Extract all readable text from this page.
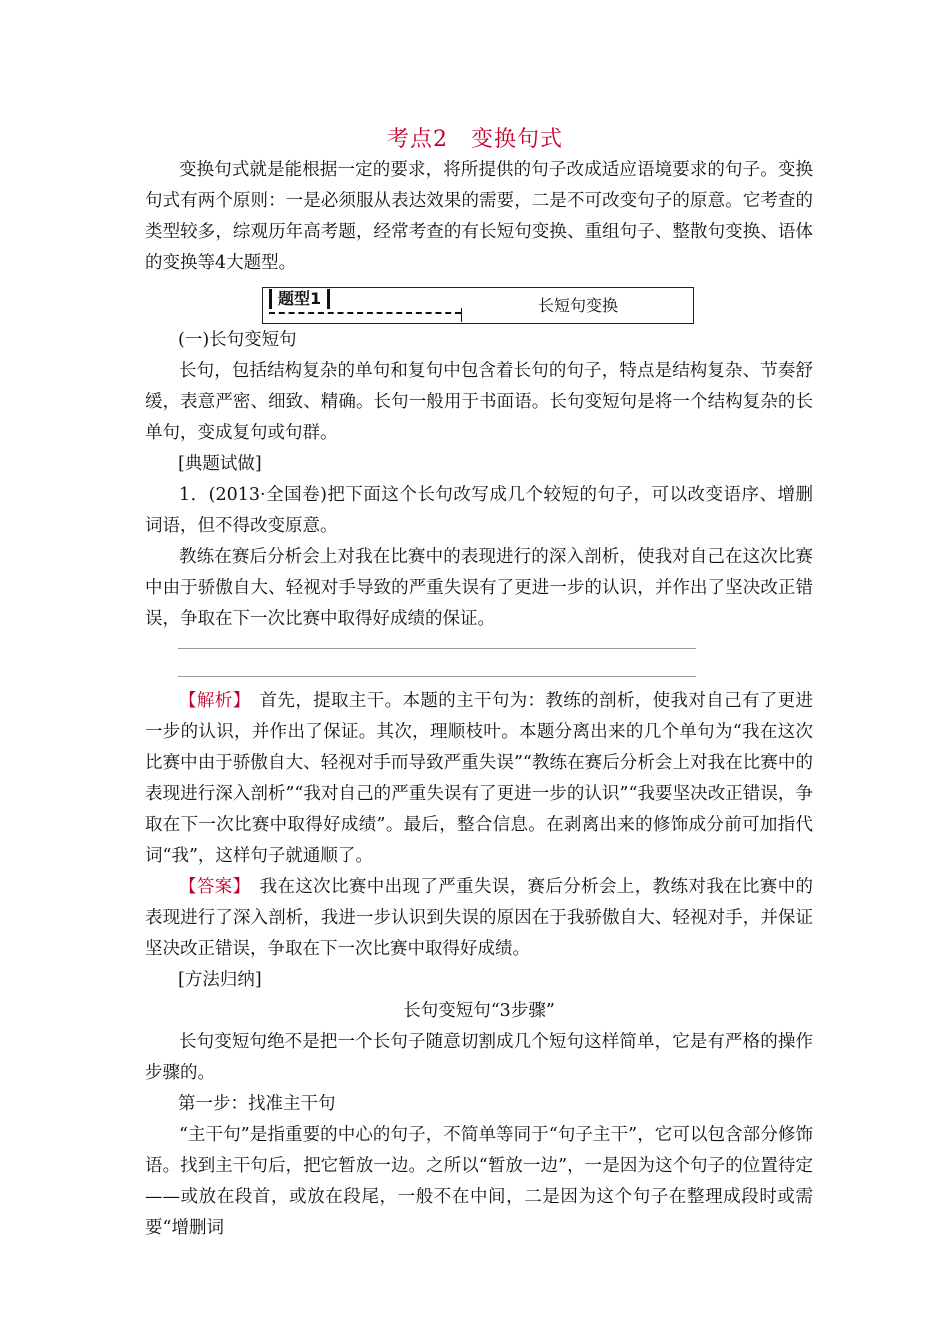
考点2　变换句式

变换句式就是能根据一定的要求，将所提供的句子改成适应语境要求的句子。变换句式有两个原则：一是必须服从表达效果的需要，二是不可改变句子的原意。它考查的类型较多，综观历年高考题，经常考查的有长短句变换、重组句子、整散句变换、语体的变换等4大题型。

题型1	长短句变换

(一)长句变短句

长句，包括结构复杂的单句和复句中包含着长句的句子，特点是结构复杂、节奏舒缓，表意严密、细致、精确。长句一般用于书面语。长句变短句是将一个结构复杂的长单句，变成复句或句群。

[典题试做]

1．(2013·全国卷)把下面这个长句改写成几个较短的句子，可以改变语序、增删词语，但不得改变原意。

教练在赛后分析会上对我在比赛中的表现进行的深入剖析，使我对自己在这次比赛中由于骄傲自大、轻视对手导致的严重失误有了更进一步的认识，并作出了坚决改正错误，争取在下一次比赛中取得好成绩的保证。

【解析】　 首先，提取主干。本题的主干句为：教练的剖析，使我对自己有了更进一步的认识，并作出了保证。其次，理顺枝叶。本题分离出来的几个单句为“我在这次比赛中由于骄傲自大、轻视对手而导致严重失误”“教练在赛后分析会上对我在比赛中的表现进行深入剖析”“我对自己的严重失误有了更进一步的认识”“我要坚决改正错误，争取在下一次比赛中取得好成绩”。最后，整合信息。在剥离出来的修饰成分前可加指代词“我”，这样句子就通顺了。

【答案】　 我在这次比赛中出现了严重失误，赛后分析会上，教练对我在比赛中的表现进行了深入剖析，我进一步认识到失误的原因在于我骄傲自大、轻视对手，并保证坚决改正错误，争取在下一次比赛中取得好成绩。

[方法归纳]

长句变短句“3步骤”

长句变短句绝不是把一个长句子随意切割成几个短句这样简单，它是有严格的操作步骤的。

第一步：找准主干句

“主干句”是指重要的中心的句子，不简单等同于“句子主干”，它可以包含部分修饰语。找到主干句后，把它暂放一边。之所以“暂放一边”，一是因为这个句子的位置待定——或放在段首，或放在段尾，一般不在中间，二是因为这个句子在整理成段时或需要“增删词
